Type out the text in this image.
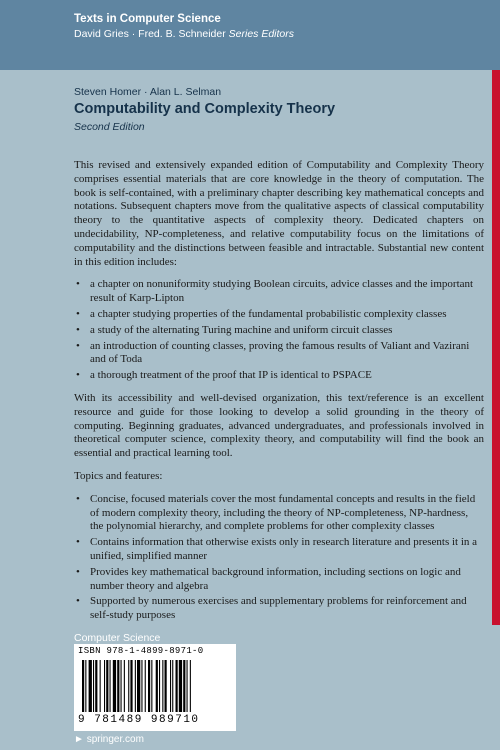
Texts in Computer Science
David Gries · Fred. B. Schneider Series Editors
Steven Homer · Alan L. Selman
Computability and Complexity Theory
Second Edition

This revised and extensively expanded edition of Computability and Complexity Theory comprises essential materials that are core knowledge in the theory of computation. The book is self-contained, with a preliminary chapter describing key mathematical concepts and notations. Subsequent chapters move from the qualitative aspects of classical computability theory to the quantitative aspects of complexity theory. Dedicated chapters on undecidability, NP-completeness, and relative computability focus on the limitations of computability and the distinctions between feasible and intractable. Substantial new content in this edition includes:

• a chapter on nonuniformity studying Boolean circuits, advice classes and the important result of Karp-Lipton
• a chapter studying properties of the fundamental probabilistic complexity classes
• a study of the alternating Turing machine and uniform circuit classes
• an introduction of counting classes, proving the famous results of Valiant and Vazirani and of Toda
• a thorough treatment of the proof that IP is identical to PSPACE

With its accessibility and well-devised organization, this text/reference is an excellent resource and guide for those looking to develop a solid grounding in the theory of computing. Beginning graduates, advanced undergraduates, and professionals involved in theoretical computer science, complexity theory, and computability will find the book an essential and practical learning tool.

Topics and features:

• Concise, focused materials cover the most fundamental concepts and results in the field of modern complexity theory, including the theory of NP-completeness, NP-hardness, the polynomial hierarchy, and complete problems for other complexity classes
• Contains information that otherwise exists only in research literature and presents it in a unified, simplified manner
• Provides key mathematical background information, including sections on logic and number theory and algebra
• Supported by numerous exercises and supplementary problems for reinforcement and self-study purposes
Computer Science
ISBN 978-1-4899-8971-0
9 781489 989710
► springer.com
